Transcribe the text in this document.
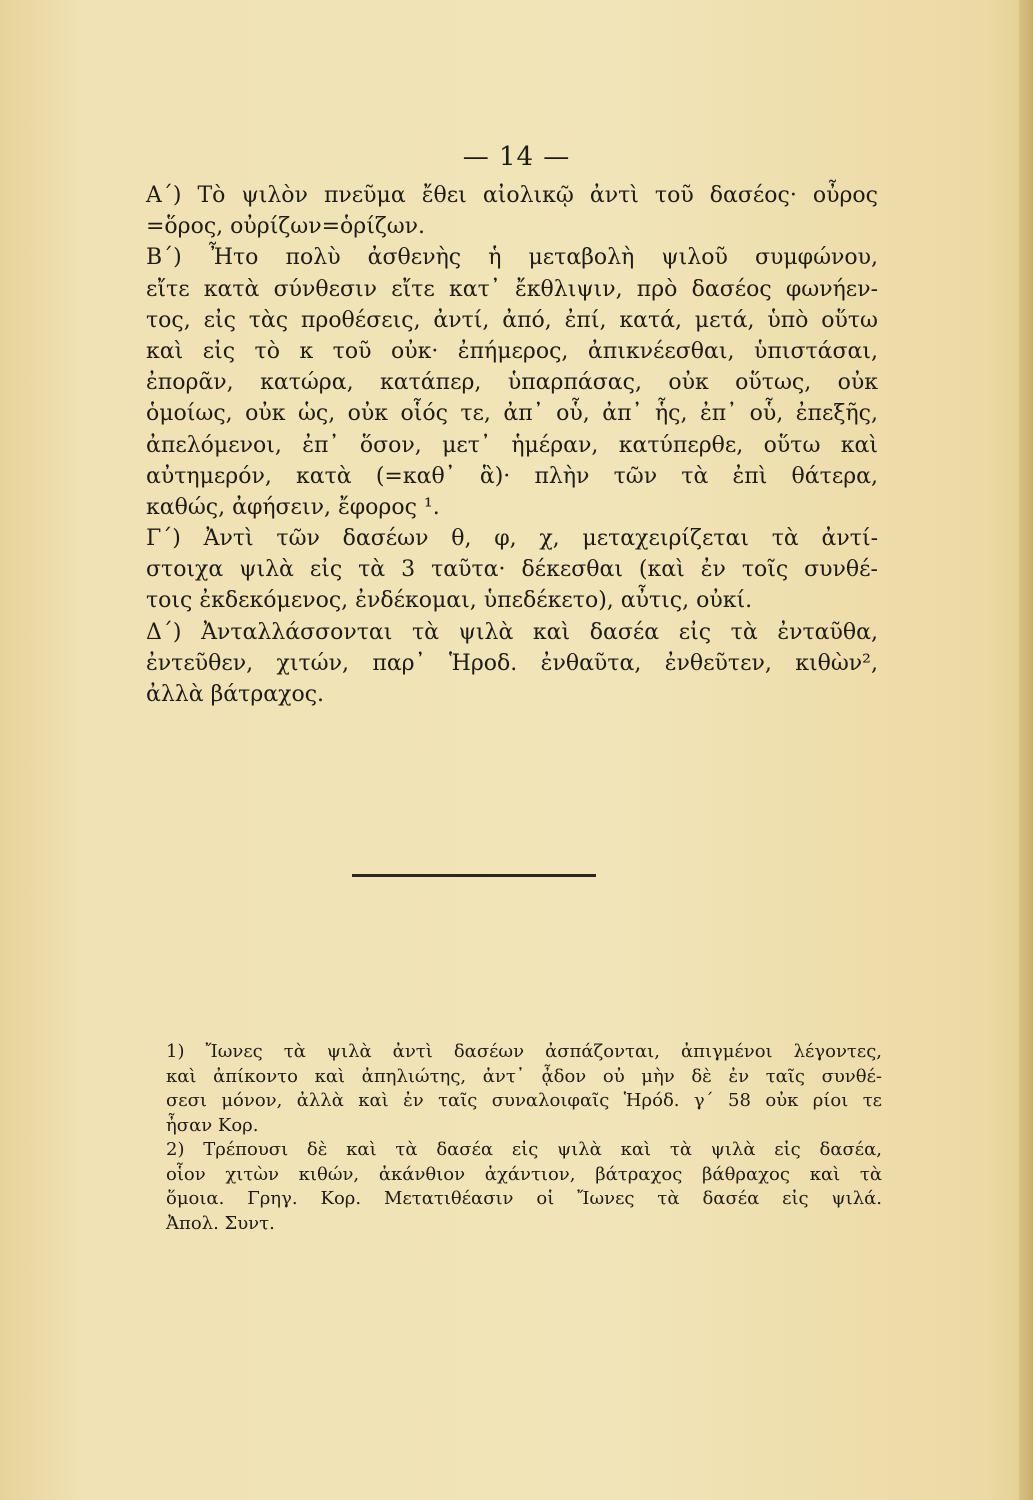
— 14 —
Α΄) Τὸ ψιλὸν πνεῦμα ἔθει αἰολικῷ ἀντὶ τοῦ δασέος· οὖρος
=ὅρος, οὐρίζων=ὁρίζων.
Β΄) Ἦτο πολὺ ἀσθενὴς ἡ μεταβολὴ ψιλοῦ συμφώνου,
εἴτε κατὰ σύνθεσιν εἴτε κατ᾽ ἔκθλιψιν, πρὸ δασέος φωνήεν-
τος, εἰς τὰς προθέσεις, ἀντί, ἀπό, ἐπί, κατά, μετά, ὑπὸ οὕτω
καὶ εἰς τὸ κ τοῦ οὐκ· ἐπήμερος, ἀπικνέεσθαι, ὑπιστάσαι,
ἐπορᾶν, κατώρα, κατάπερ, ὑπαρπάσας, οὐκ οὕτως, οὐκ
ὁμοίως, οὐκ ὡς, οὐκ οἷός τε, ἀπ᾽ οὗ, ἀπ᾽ ἧς, ἐπ᾽ οὗ, ἐπεξῆς,
ἀπελόμενοι, ἐπ᾽ ὅσον, μετ᾽ ἡμέραν, κατύπερθε, οὕτω καὶ
αὐτημερόν, κατὰ (=καθ᾽ ἃ)· πλὴν τῶν τὰ ἐπὶ θάτερα,
καθώς, ἀφήσειν, ἔφορος ¹.
Γ΄) Ἀντὶ τῶν δασέων θ, φ, χ, μεταχειρίζεται τὰ ἀντί-
στοιχα ψιλὰ εἰς τὰ 3 ταῦτα· δέκεσθαι (καὶ ἐν τοῖς συνθέ-
τοις ἐκδεκόμενος, ἐνδέκομαι, ὑπεδέκετο), αὖτις, οὐκί.
Δ΄) Ἀνταλλάσσονται τὰ ψιλὰ καὶ δασέα εἰς τὰ ἐνταῦθα,
ἐντεῦθεν, χιτών, παρ᾽ Ἡροδ. ἐνθαῦτα, ἐνθεῦτεν, κιθὼν²,
ἀλλὰ βάτραχος.
1) Ἴωνες τὰ ψιλὰ ἀντὶ δασέων ἀσπάζονται, ἀπιγμένοι λέγοντες,
καὶ ἀπίκοντο καὶ ἀπηλιώτης, ἀντ᾽ ᾆδον οὐ μὴν δὲ ἐν ταῖς συνθέ-
σεσι μόνον, ἀλλὰ καὶ ἐν ταῖς συναλοιφαῖς Ἡρόδ. γ΄ 58 οὐκ ρίοι τε
ἦσαν Κορ.
2) Τρέπουσι δὲ καὶ τὰ δασέα εἰς ψιλὰ καὶ τὰ ψιλὰ εἰς δασέα,
οἷον χιτὼν κιθών, ἀκάνθιον ἀχάντιον, βάτραχος βάθραχος καὶ τὰ
ὅμοια. Γρηγ. Κορ. Μετατιθέασιν οἱ Ἴωνες τὰ δασέα εἰς ψιλά.
Ἀπολ. Συντ.
